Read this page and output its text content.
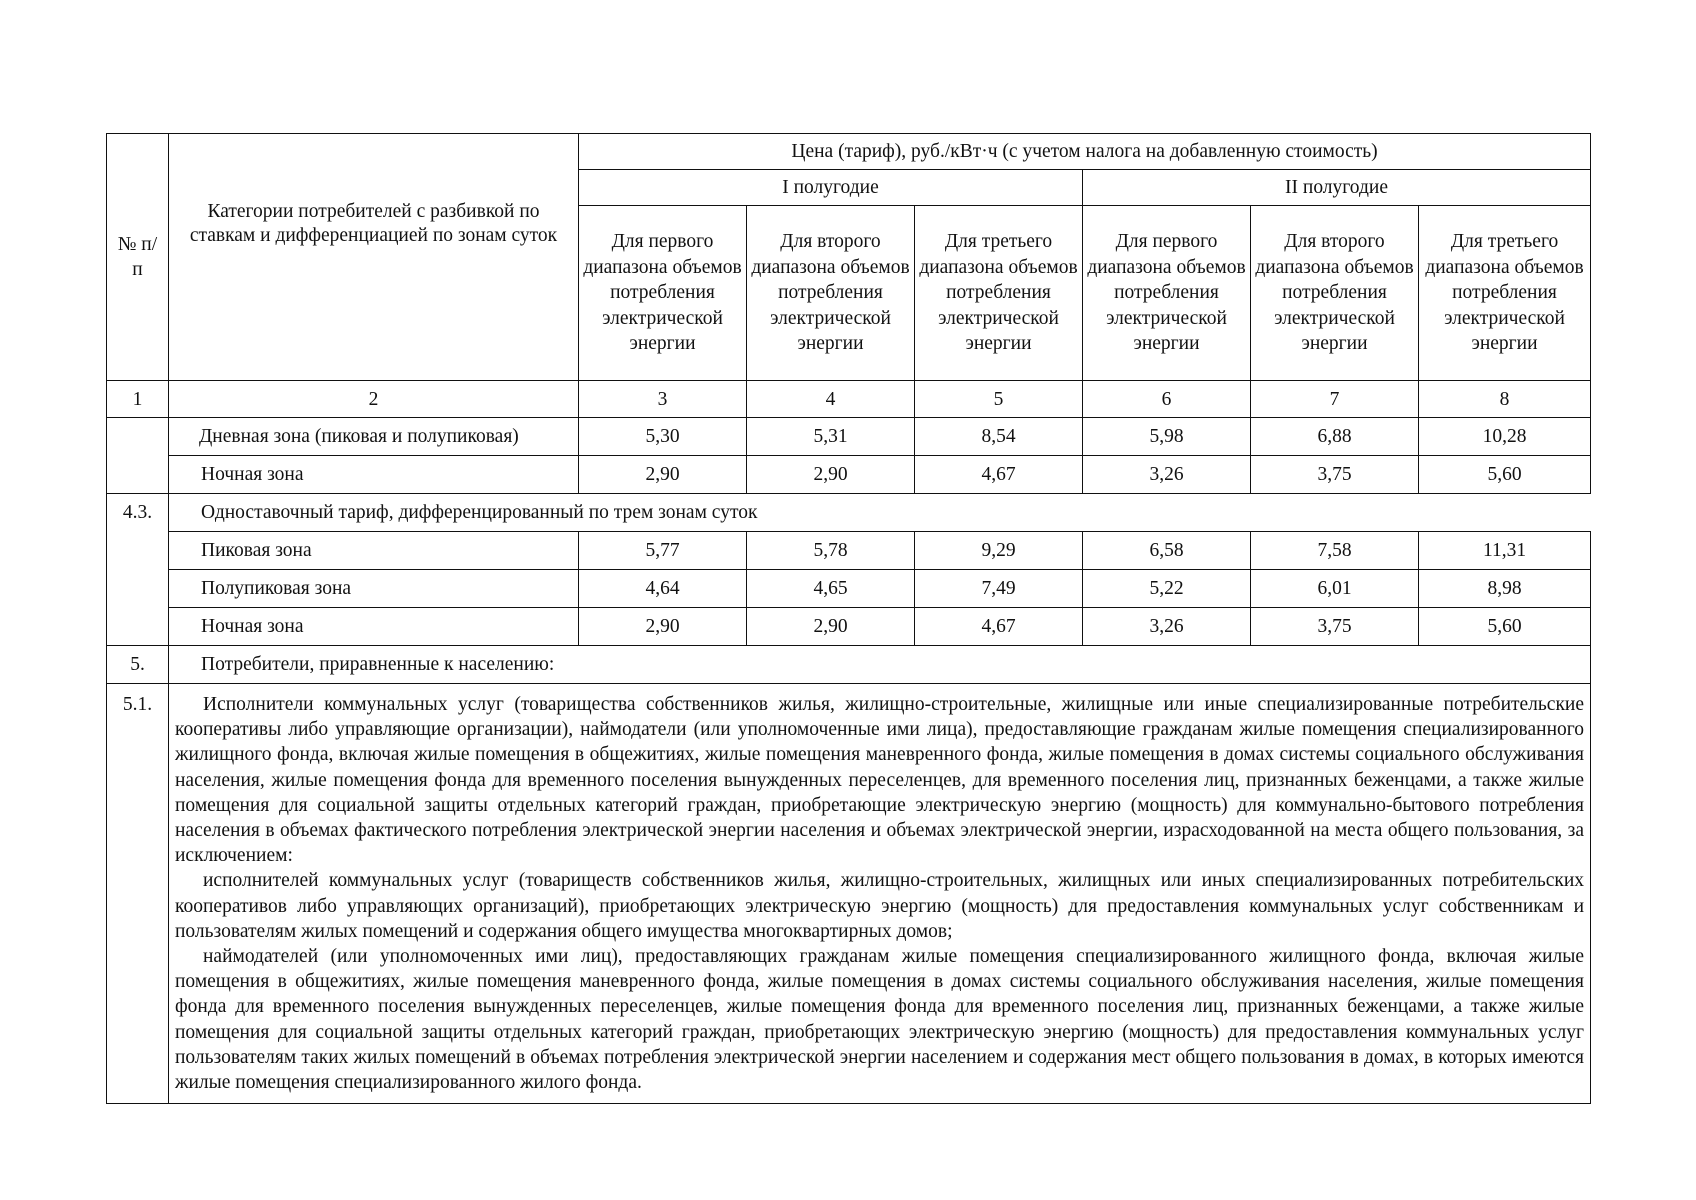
№ п/п	Категории потребителей с разбивкой по ставкам и дифференциацией по зонам суток	Цена (тариф), руб./кВт·ч (с учетом налога на добавленную стоимость)					
		I полугодие			II полугодие		
		Для первого диапазона объемов потребления электрической энергии	Для второго диапазона объемов потребления электрической энергии	Для третьего диапазона объемов потребления электрической энергии	Для первого диапазона объемов потребления электрической энергии	Для второго диапазона объемов потребления электрической энергии	Для третьего диапазона объемов потребления электрической энергии
1	2	3	4	5	6	7	8
	Дневная зона (пиковая и полупиковая)	5,30	5,31	8,54	5,98	6,88	10,28
	Ночная зона	2,90	2,90	4,67	3,26	3,75	5,60
4.3.	Одноставочный тариф, дифференцированный по трем зонам суток						
	Пиковая зона	5,77	5,78	9,29	6,58	7,58	11,31
	Полупиковая зона	4,64	4,65	7,49	5,22	6,01	8,98
	Ночная зона	2,90	2,90	4,67	3,26	3,75	5,60
5.	Потребители, приравненные к населению:						
5.1.	Исполнители коммунальных услуг (товарищества собственников жилья, жилищно-строительные, жилищные или иные специализированные потребительские кооперативы либо управляющие организации), наймодатели (или уполномоченные ими лица), предоставляющие гражданам жилые помещения специализированного жилищного фонда, включая жилые помещения в общежитиях, жилые помещения маневренного фонда, жилые помещения в домах системы социального обслуживания населения, жилые помещения фонда для временного поселения вынужденных переселенцев, для временного поселения лиц, признанных беженцами, а также жилые помещения для социальной защиты отдельных категорий граждан, приобретающие электрическую энергию (мощность) для коммунально-бытового потребления населения в объемах фактического потребления электрической энергии населения и объемах электрической энергии, израсходованной на места общего пользования, за исключением:

исполнителей коммунальных услуг (товариществ собственников жилья, жилищно-строительных, жилищных или иных специализированных потребительских кооперативов либо управляющих организаций), приобретающих электрическую энергию (мощность) для предоставления коммунальных услуг собственникам и пользователям жилых помещений и содержания общего имущества многоквартирных домов;

наймодателей (или уполномоченных ими лиц), предоставляющих гражданам жилые помещения специализированного жилищного фонда, включая жилые помещения в общежитиях, жилые помещения маневренного фонда, жилые помещения в домах системы социального обслуживания населения, жилые помещения фонда для временного поселения вынужденных переселенцев, жилые помещения фонда для временного поселения лиц, признанных беженцами, а также жилые помещения для социальной защиты отдельных категорий граждан, приобретающих электрическую энергию (мощность) для предоставления коммунальных услуг пользователям таких жилых помещений в объемах потребления электрической энергии населением и содержания мест общего пользования в домах, в которых имеются жилые помещения специализированного жилого фонда.						
